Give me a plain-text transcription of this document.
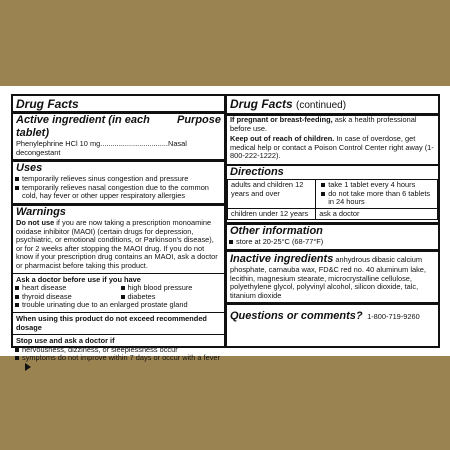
Drug Facts
Active ingredient (in each tablet)
Purpose
Phenylephrine HCl 10 mg.................................Nasal decongestant
Uses
temporarily relieves sinus congestion and pressure
temporarily relieves nasal congestion due to the common cold, hay fever or other upper respiratory allergies
Warnings
Do not use if you are now taking a prescription monoamine oxidase inhibitor (MAOI) (certain drugs for depression, psychiatric, or emotional conditions, or Parkinson's disease), or for 2 weeks after stopping the MAOI drug. If you do not know if your prescription drug contains an MAOI, ask a doctor or pharmacist before taking this product.
Ask a doctor before use if you have
heart disease
thyroid disease
high blood pressure
diabetes
trouble urinating due to an enlarged prostate gland
When using this product do not exceed recommended dosage
Stop use and ask a doctor if
nervousness, dizziness, or sleeplessness occur
symptoms do not improve within 7 days or occur with a fever
Drug Facts (continued)
If pregnant or breast-feeding, ask a health professional before use.
Keep out of reach of children. In case of overdose, get medical help or contact a Poison Control Center right away (1-800-222-1222).
Directions
adults and children 12 years and over	take 1 tablet every 4 hours
do not take more than 6 tablets in 24 hours

children under 12 years	ask a doctor
Other information
store at 20-25°C (68-77°F)
Inactive ingredients anhydrous dibasic calcium phosphate, carnauba wax, FD&C red no. 40 aluminum lake, lecithin, magnesium stearate, microcrystalline cellulose, polyethylene glycol, polyvinyl alcohol, silicon dioxide, talc, titanium dioxide
Questions or comments? 1-800-719-9260
